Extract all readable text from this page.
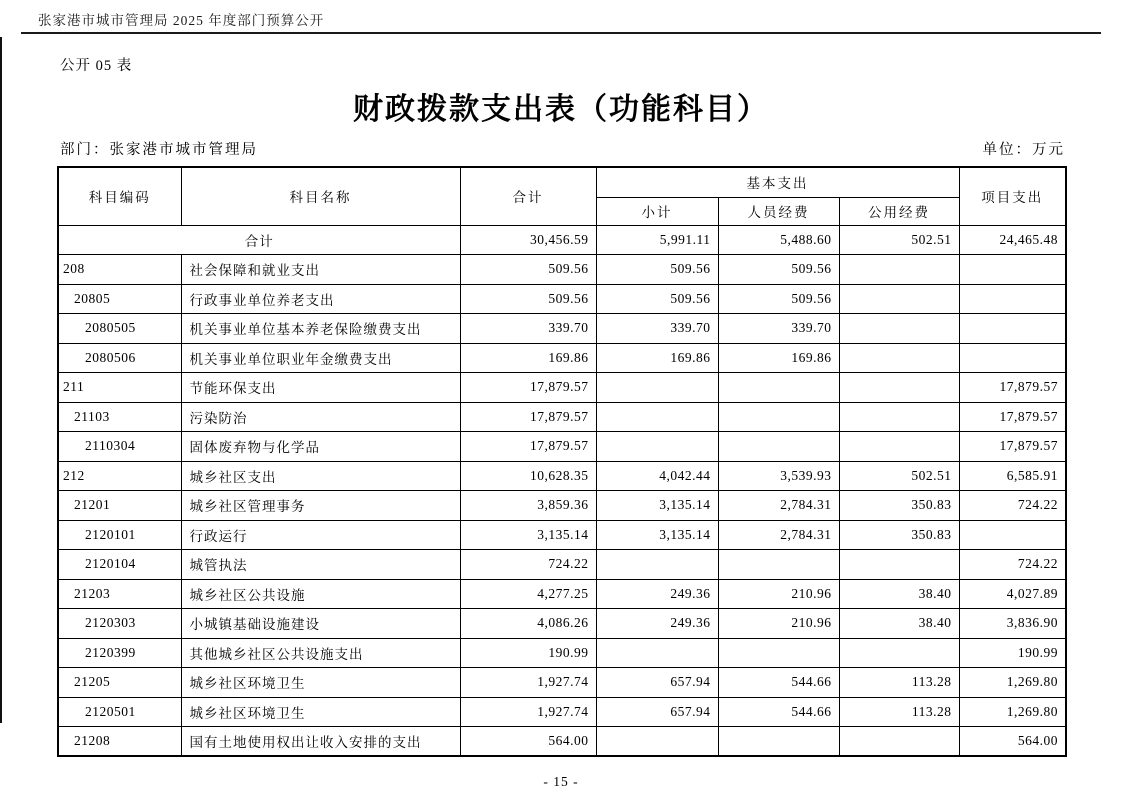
张家港市城市管理局 2025 年度部门预算公开
公开 05 表
财政拨款支出表（功能科目）
部门：张家港市城市管理局	单位：万元
科目编码	科目名称	合计	基本支出			项目支出
			小计	人员经费	公用经费	
合计		30,456.59	5,991.11	5,488.60	502.51	24,465.48
208	社会保障和就业支出	509.56	509.56	509.56		
20805	行政事业单位养老支出	509.56	509.56	509.56		
2080505	机关事业单位基本养老保险缴费支出	339.70	339.70	339.70		
2080506	机关事业单位职业年金缴费支出	169.86	169.86	169.86		
211	节能环保支出	17,879.57				17,879.57
21103	污染防治	17,879.57				17,879.57
2110304	固体废弃物与化学品	17,879.57				17,879.57
212	城乡社区支出	10,628.35	4,042.44	3,539.93	502.51	6,585.91
21201	城乡社区管理事务	3,859.36	3,135.14	2,784.31	350.83	724.22
2120101	行政运行	3,135.14	3,135.14	2,784.31	350.83	
2120104	城管执法	724.22				724.22
21203	城乡社区公共设施	4,277.25	249.36	210.96	38.40	4,027.89
2120303	小城镇基础设施建设	4,086.26	249.36	210.96	38.40	3,836.90
2120399	其他城乡社区公共设施支出	190.99				190.99
21205	城乡社区环境卫生	1,927.74	657.94	544.66	113.28	1,269.80
2120501	城乡社区环境卫生	1,927.74	657.94	544.66	113.28	1,269.80
21208	国有土地使用权出让收入安排的支出	564.00				564.00
- 15 -
